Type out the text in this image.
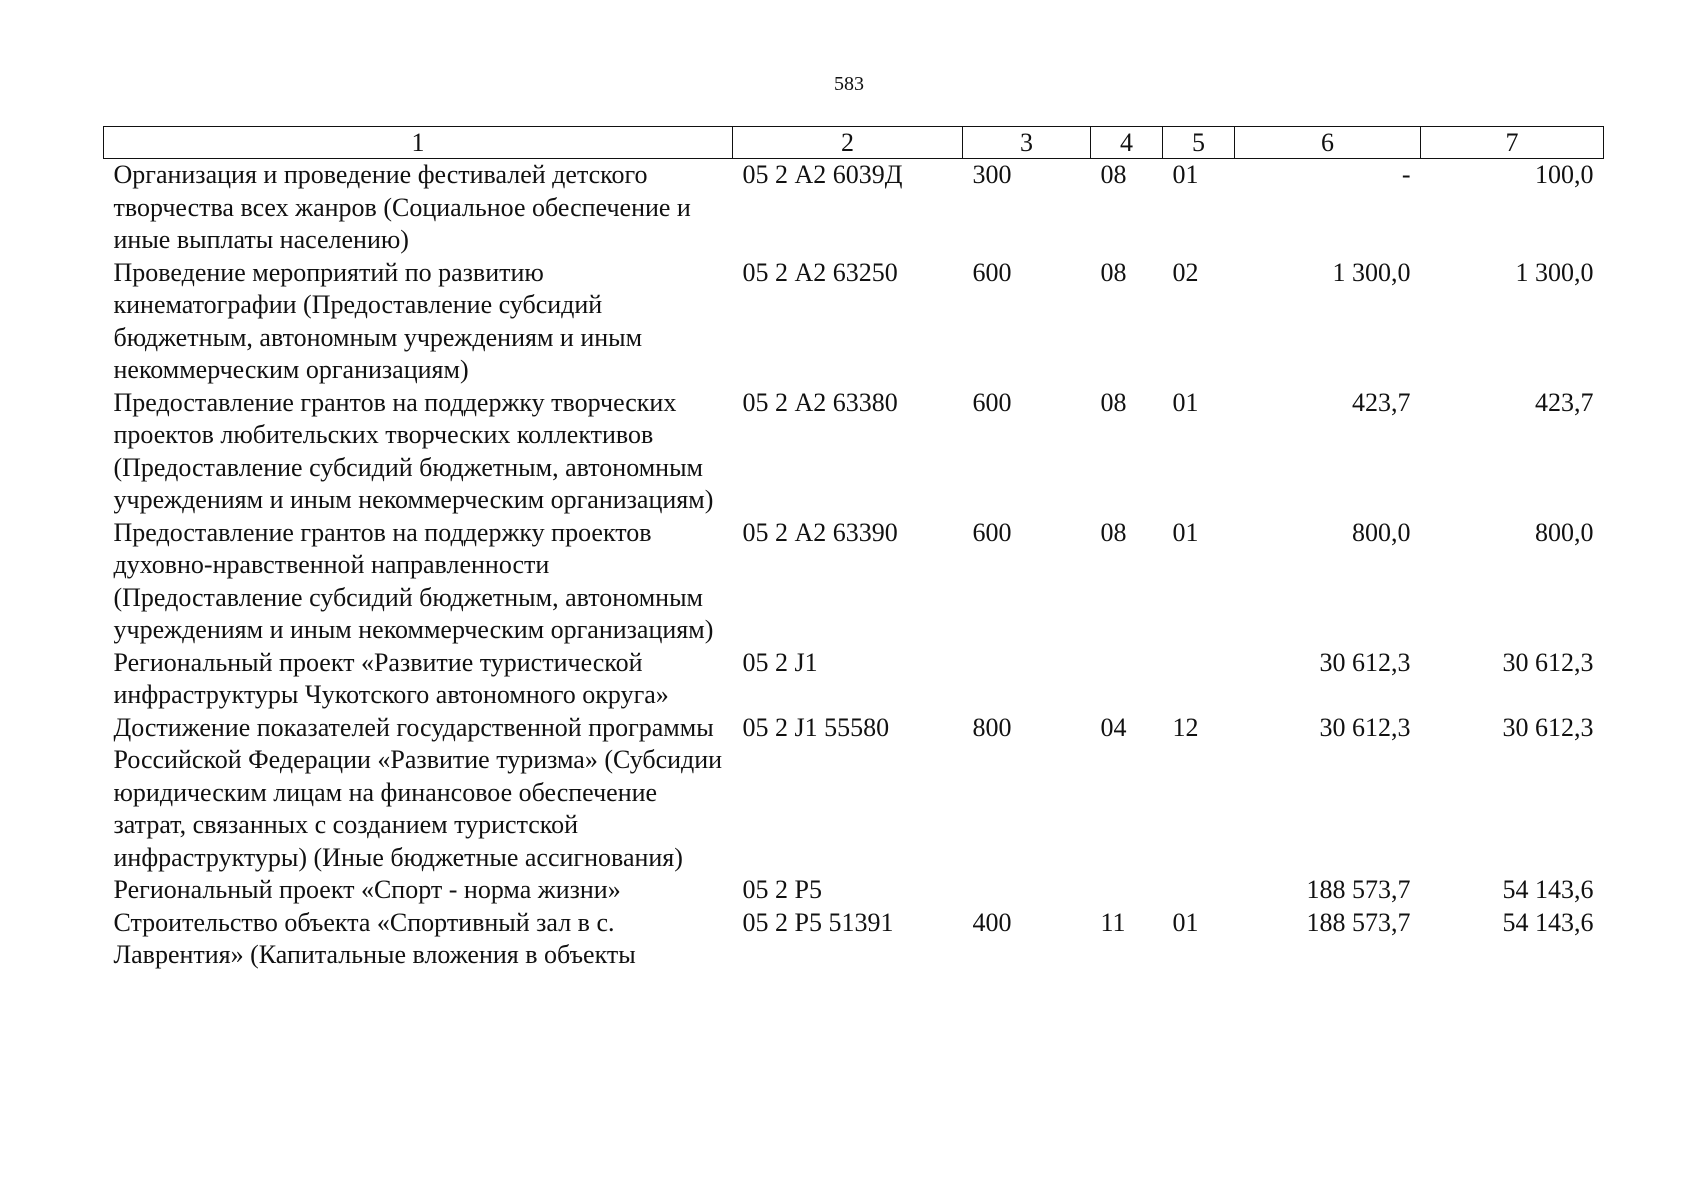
583
1	2	3	4	5	6	7
Организация и проведение фестивалей детского творчества всех жанров (Социальное обеспечение и иные выплаты населению)	05 2 А2 6039Д	300	08	01	-	100,0
Проведение мероприятий по развитию кинематографии (Предоставление субсидий бюджетным, автономным учреждениям и иным некоммерческим организациям)	05 2 А2 63250	600	08	02	1 300,0	1 300,0
Предоставление грантов на поддержку творческих проектов любительских творческих коллективов (Предоставление субсидий бюджетным, автономным учреждениям и иным некоммерческим организациям)	05 2 А2 63380	600	08	01	423,7	423,7
Предоставление грантов на поддержку проектов духовно-нравственной направленности (Предоставление субсидий бюджетным, автономным учреждениям и иным некоммерческим организациям)	05 2 А2 63390	600	08	01	800,0	800,0
Региональный проект «Развитие туристической инфраструктуры Чукотского автономного округа»	05 2 J1				30 612,3	30 612,3
Достижение показателей государственной программы Российской Федерации «Развитие туризма» (Субсидии юридическим лицам на финансовое обеспечение затрат, связанных с созданием туристской инфраструктуры) (Иные бюджетные ассигнования)	05 2 J1 55580	800	04	12	30 612,3	30 612,3
Региональный проект «Спорт - норма жизни»	05 2 P5				188 573,7	54 143,6
Строительство объекта «Спортивный зал в с. Лаврентия» (Капитальные вложения в объекты	05 2 P5 51391	400	11	01	188 573,7	54 143,6
